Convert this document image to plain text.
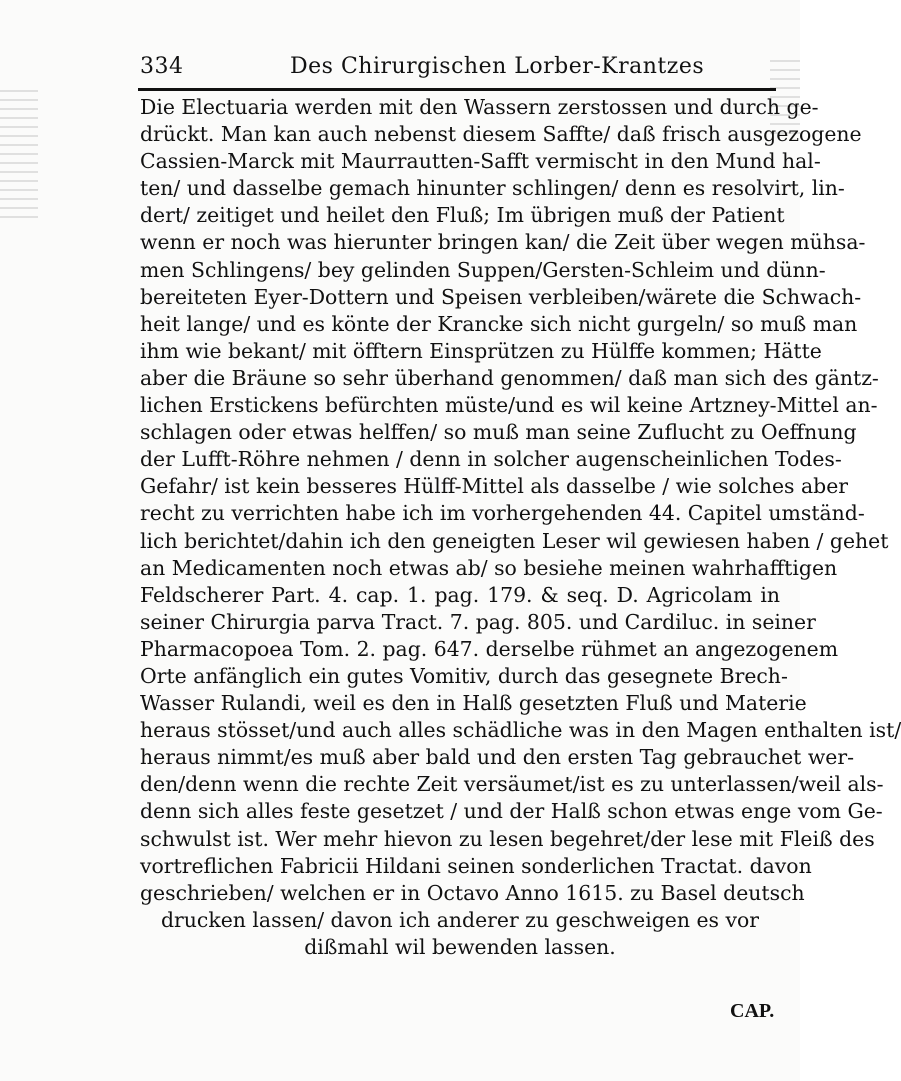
334	Des Chirurgischen Lorber-Krantzes
Die Electuaria werden mit den Wassern zerstossen und durch ge-
drückt. Man kan auch nebenst diesem Saffte/ daß frisch ausgezogene
Cassien-Marck mit Maurrautten-Safft vermischt in den Mund hal-
ten/ und dasselbe gemach hinunter schlingen/ denn es resolvirt, lin-
dert/ zeitiget und heilet den Fluß; Im übrigen muß der Patient
wenn er noch was hierunter bringen kan/ die Zeit über wegen mühsa-
men Schlingens/ bey gelinden Suppen/Gersten-Schleim und dünn-
bereiteten Eyer-Dottern und Speisen verbleiben/wärete die Schwach-
heit lange/ und es könte der Krancke sich nicht gurgeln/ so muß man
ihm wie bekant/ mit öfftern Einsprützen zu Hülffe kommen; Hätte
aber die Bräune so sehr überhand genommen/ daß man sich des gäntz-
lichen Erstickens befürchten müste/und es wil keine Artzney-Mittel an-
schlagen oder etwas helffen/ so muß man seine Zuflucht zu Oeffnung
der Lufft-Röhre nehmen / denn in solcher augenscheinlichen Todes-
Gefahr/ ist kein besseres Hülff-Mittel als dasselbe / wie solches aber
recht zu verrichten habe ich im vorhergehenden 44. Capitel umständ-
lich berichtet/dahin ich den geneigten Leser wil gewiesen haben / gehet
an Medicamenten noch etwas ab/ so besiehe meinen wahrhafftigen
Feldscherer Part. 4. cap. 1. pag. 179. & seq. D. Agricolam in
seiner Chirurgia parva Tract. 7. pag. 805. und Cardiluc. in seiner
Pharmacopoea Tom. 2. pag. 647. derselbe rühmet an angezogenem
Orte anfänglich ein gutes Vomitiv, durch das gesegnete Brech-
Wasser Rulandi, weil es den in Halß gesetzten Fluß und Materie
heraus stösset/und auch alles schädliche was in den Magen enthalten ist/
heraus nimmt/es muß aber bald und den ersten Tag gebrauchet wer-
den/denn wenn die rechte Zeit versäumet/ist es zu unterlassen/weil als-
denn sich alles feste gesetzet / und der Halß schon etwas enge vom Ge-
schwulst ist. Wer mehr hievon zu lesen begehret/der lese mit Fleiß des
vortreflichen Fabricii Hildani seinen sonderlichen Tractat. davon
geschrieben/ welchen er in Octavo Anno 1615. zu Basel deutsch
drucken lassen/ davon ich anderer zu geschweigen es vor
dißmahl wil bewenden lassen.
CAP.
